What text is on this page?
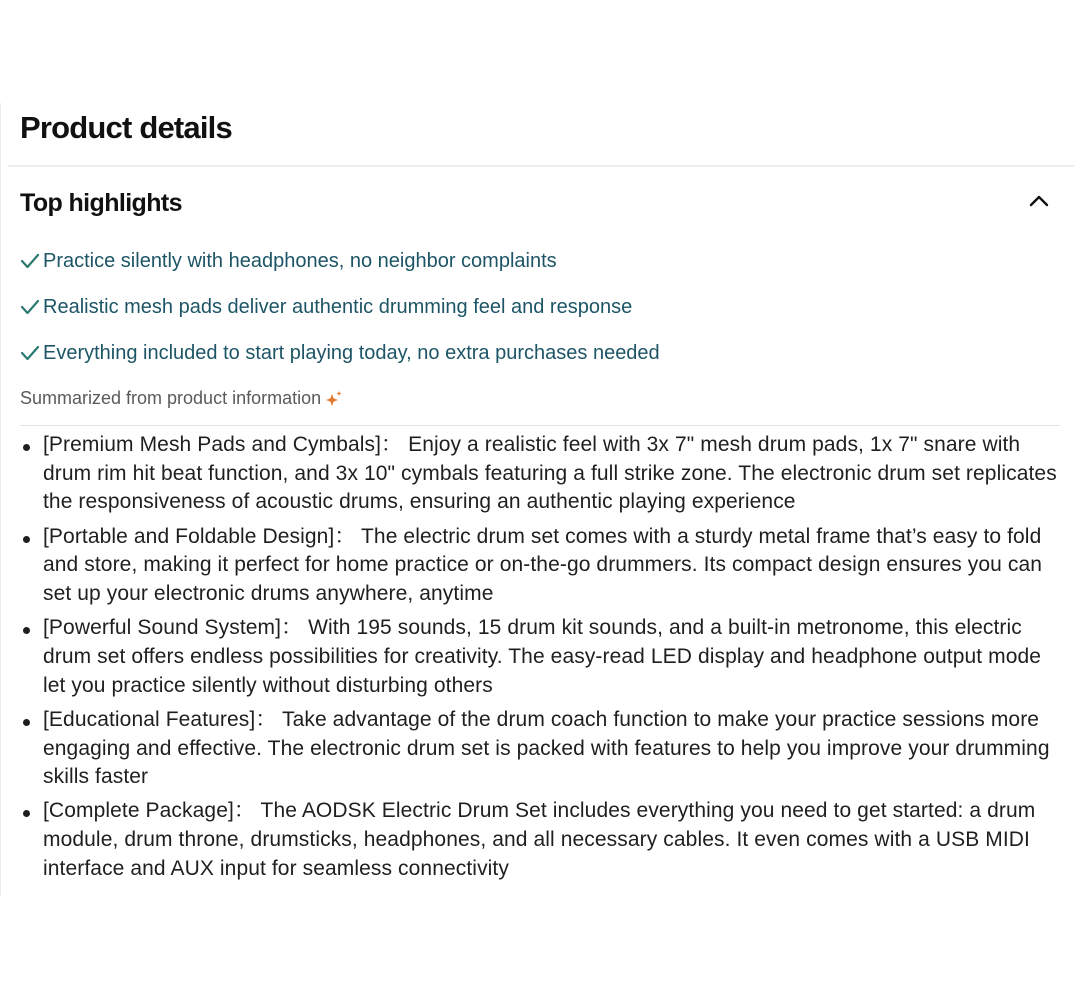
Product details
Top highlights
Practice silently with headphones, no neighbor complaints
Realistic mesh pads deliver authentic drumming feel and response
Everything included to start playing today, no extra purchases needed
Summarized from product information
[Premium Mesh Pads and Cymbals]： Enjoy a realistic feel with 3x 7" mesh drum pads, 1x 7" snare with drum rim hit beat function, and 3x 10" cymbals featuring a full strike zone. The electronic drum set replicates the responsiveness of acoustic drums, ensuring an authentic playing experience
[Portable and Foldable Design]： The electric drum set comes with a sturdy metal frame that’s easy to fold and store, making it perfect for home practice or on-the-go drummers. Its compact design ensures you can set up your electronic drums anywhere, anytime
[Powerful Sound System]： With 195 sounds, 15 drum kit sounds, and a built-in metronome, this electric drum set offers endless possibilities for creativity. The easy-read LED display and headphone output mode let you practice silently without disturbing others
[Educational Features]： Take advantage of the drum coach function to make your practice sessions more engaging and effective. The electronic drum set is packed with features to help you improve your drumming skills faster
[Complete Package]： The AODSK Electric Drum Set includes everything you need to get started: a drum module, drum throne, drumsticks, headphones, and all necessary cables. It even comes with a USB MIDI interface and AUX input for seamless connectivity
